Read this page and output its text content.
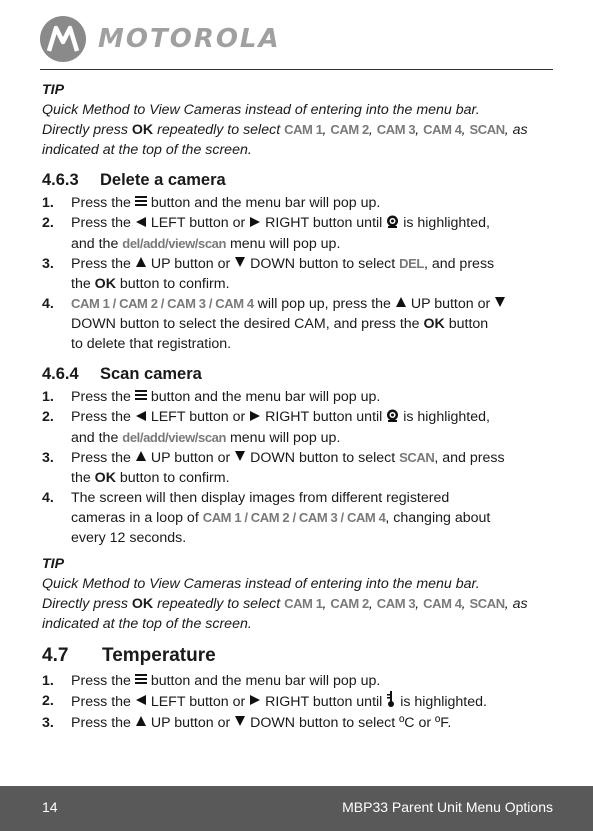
MOTOROLA
TIP
Quick Method to View Cameras instead of entering into the menu bar.
Directly press OK repeatedly to select CAM 1, CAM 2, CAM 3, CAM 4, SCAN, as
indicated at the top of the screen.
4.6.3 Delete a camera
1. Press the  button and the menu bar will pop up.
2. Press the  LEFT button or  RIGHT button until  is highlighted,
and the del/add/view/scan menu will pop up.
3. Press the  UP button or  DOWN button to select DEL, and press
the OK button to confirm.
4. CAM 1 / CAM 2 / CAM 3 / CAM 4 will pop up, press the  UP button or
DOWN button to select the desired CAM, and press the OK button
to delete that registration.
4.6.4 Scan camera
1. Press the  button and the menu bar will pop up.
2. Press the  LEFT button or  RIGHT button until  is highlighted,
and the del/add/view/scan menu will pop up.
3. Press the  UP button or  DOWN button to select SCAN, and press
the OK button to confirm.
4. The screen will then display images from different registered
cameras in a loop of CAM 1 / CAM 2 / CAM 3 / CAM 4, changing about
every 12 seconds.
TIP
Quick Method to View Cameras instead of entering into the menu bar.
Directly press OK repeatedly to select CAM 1, CAM 2, CAM 3, CAM 4, SCAN, as
indicated at the top of the screen.
4.7 Temperature
1. Press the  button and the menu bar will pop up.
2. Press the  LEFT button or  RIGHT button until  is highlighted.
3. Press the  UP button or  DOWN button to select ºC or ºF.
14	MBP33 Parent Unit Menu Options
